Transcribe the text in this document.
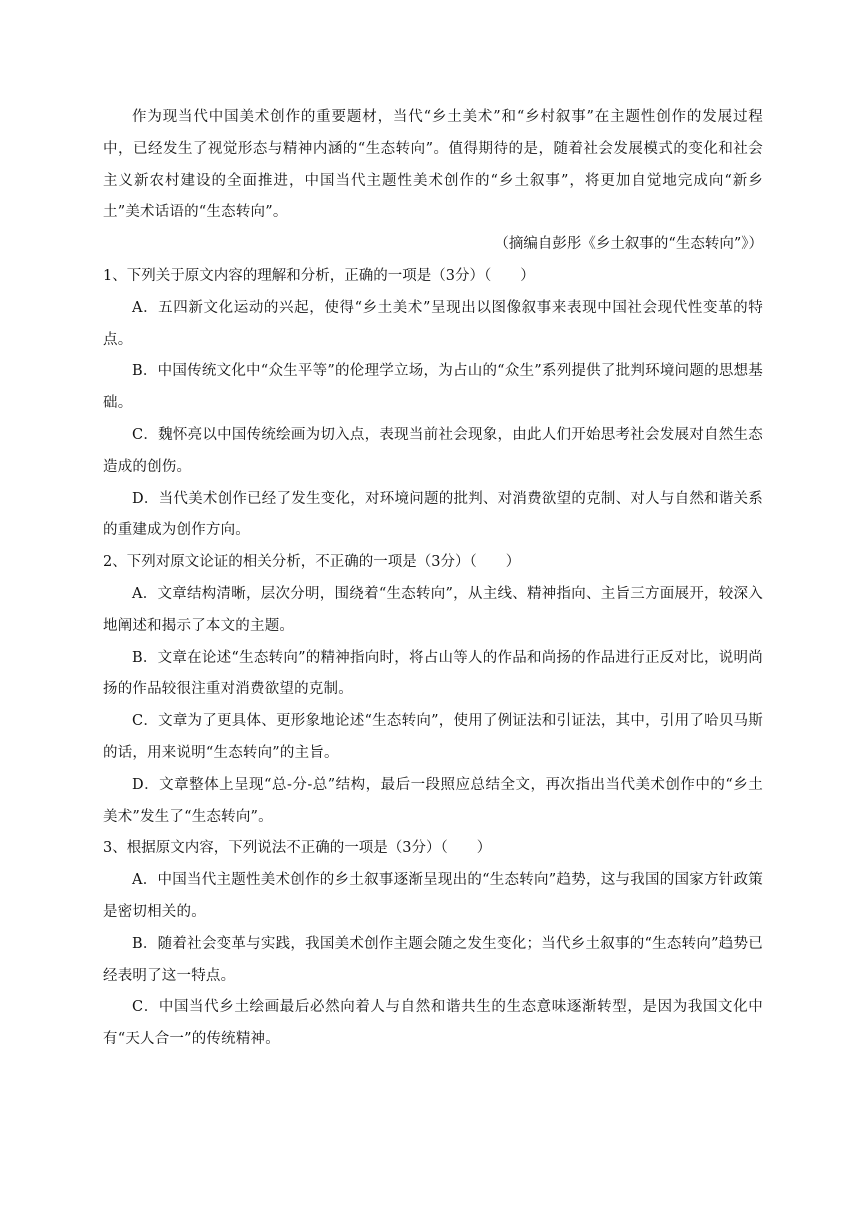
作为现当代中国美术创作的重要题材，当代“乡土美术”和“乡村叙事”在主题性创作的发展过程中，已经发生了视觉形态与精神内涵的“生态转向”。值得期待的是，随着社会发展模式的变化和社会主义新农村建设的全面推进，中国当代主题性美术创作的“乡土叙事”，将更加自觉地完成向“新乡土”美术话语的“生态转向”。

（摘编自彭彤《乡土叙事的“生态转向”》）

1、下列关于原文内容的理解和分析，正确的一项是（3分）（　　）

A．五四新文化运动的兴起，使得“乡土美术”呈现出以图像叙事来表现中国社会现代性变革的特点。

B．中国传统文化中“众生平等”的伦理学立场，为占山的“众生”系列提供了批判环境问题的思想基础。

C．魏怀亮以中国传统绘画为切入点，表现当前社会现象，由此人们开始思考社会发展对自然生态造成的创伤。

D．当代美术创作已经了发生变化，对环境问题的批判、对消费欲望的克制、对人与自然和谐关系的重建成为创作方向。

2、下列对原文论证的相关分析，不正确的一项是（3分）（　　）

A．文章结构清晰，层次分明，围绕着“生态转向”，从主线、精神指向、主旨三方面展开，较深入地阐述和揭示了本文的主题。

B．文章在论述“生态转向”的精神指向时，将占山等人的作品和尚扬的作品进行正反对比，说明尚扬的作品较很注重对消费欲望的克制。

C．文章为了更具体、更形象地论述“生态转向”，使用了例证法和引证法，其中，引用了哈贝马斯的话，用来说明“生态转向”的主旨。

D．文章整体上呈现“总-分-总”结构，最后一段照应总结全文，再次指出当代美术创作中的“乡土美术”发生了“生态转向”。

3、根据原文内容，下列说法不正确的一项是（3分）（　　）

A．中国当代主题性美术创作的乡土叙事逐渐呈现出的“生态转向”趋势，这与我国的国家方针政策是密切相关的。

B．随着社会变革与实践，我国美术创作主题会随之发生变化；当代乡土叙事的“生态转向”趋势已经表明了这一特点。

C．中国当代乡土绘画最后必然向着人与自然和谐共生的生态意味逐渐转型，是因为我国文化中有“天人合一”的传统精神。
